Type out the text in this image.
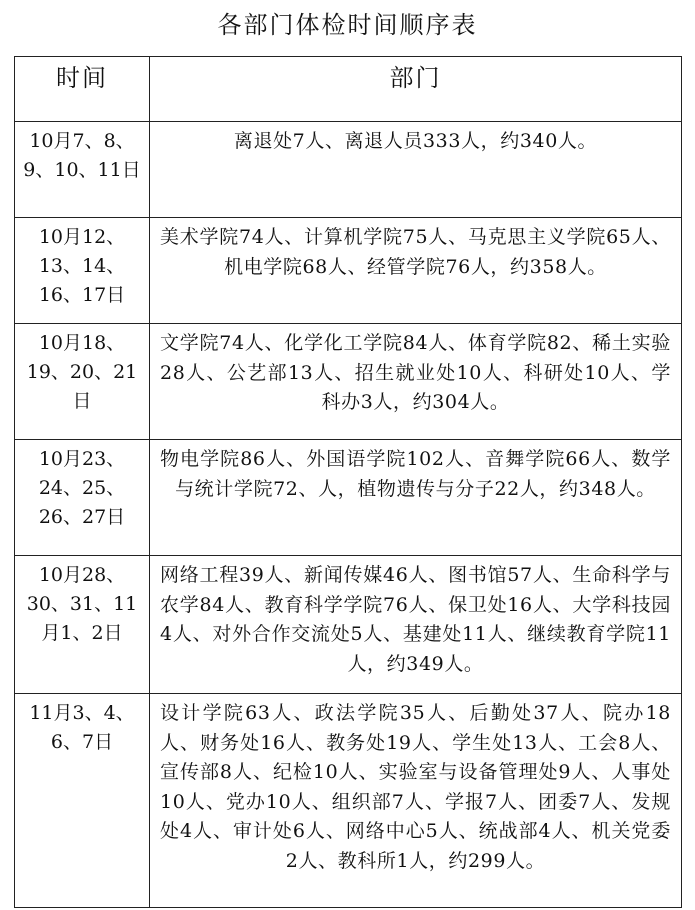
各部门体检时间顺序表
时间	部门
10月7、8、9、10、11日	离退处7人、离退人员333人，约340人。
10月12、13、14、16、17日	美术学院74人、计算机学院75人、马克思主义学院65人、机电学院68人、经管学院76人，约358人。
10月18、19、20、21日	文学院74人、化学化工学院84人、体育学院82、稀土实验28人、公艺部13人、招生就业处10人、科研处10人、学科办3人，约304人。
10月23、24、25、26、27日	物电学院86人、外国语学院102人、音舞学院66人、数学与统计学院72、人，植物遗传与分子22人，约348人。
10月28、30、31、11月1、2日	网络工程39人、新闻传媒46人、图书馆57人、生命科学与农学84人、教育科学学院76人、保卫处16人、大学科技园4人、对外合作交流处5人、基建处11人、继续教育学院11人，约349人。
11月3、4、6、7日	设计学院63人、政法学院35人、后勤处37人、院办18人、财务处16人、教务处19人、学生处13人、工会8人、宣传部8人、纪检10人、实验室与设备管理处9人、人事处10人、党办10人、组织部7人、学报7人、团委7人、发规处4人、审计处6人、网络中心5人、统战部4人、机关党委2人、教科所1人，约299人。
